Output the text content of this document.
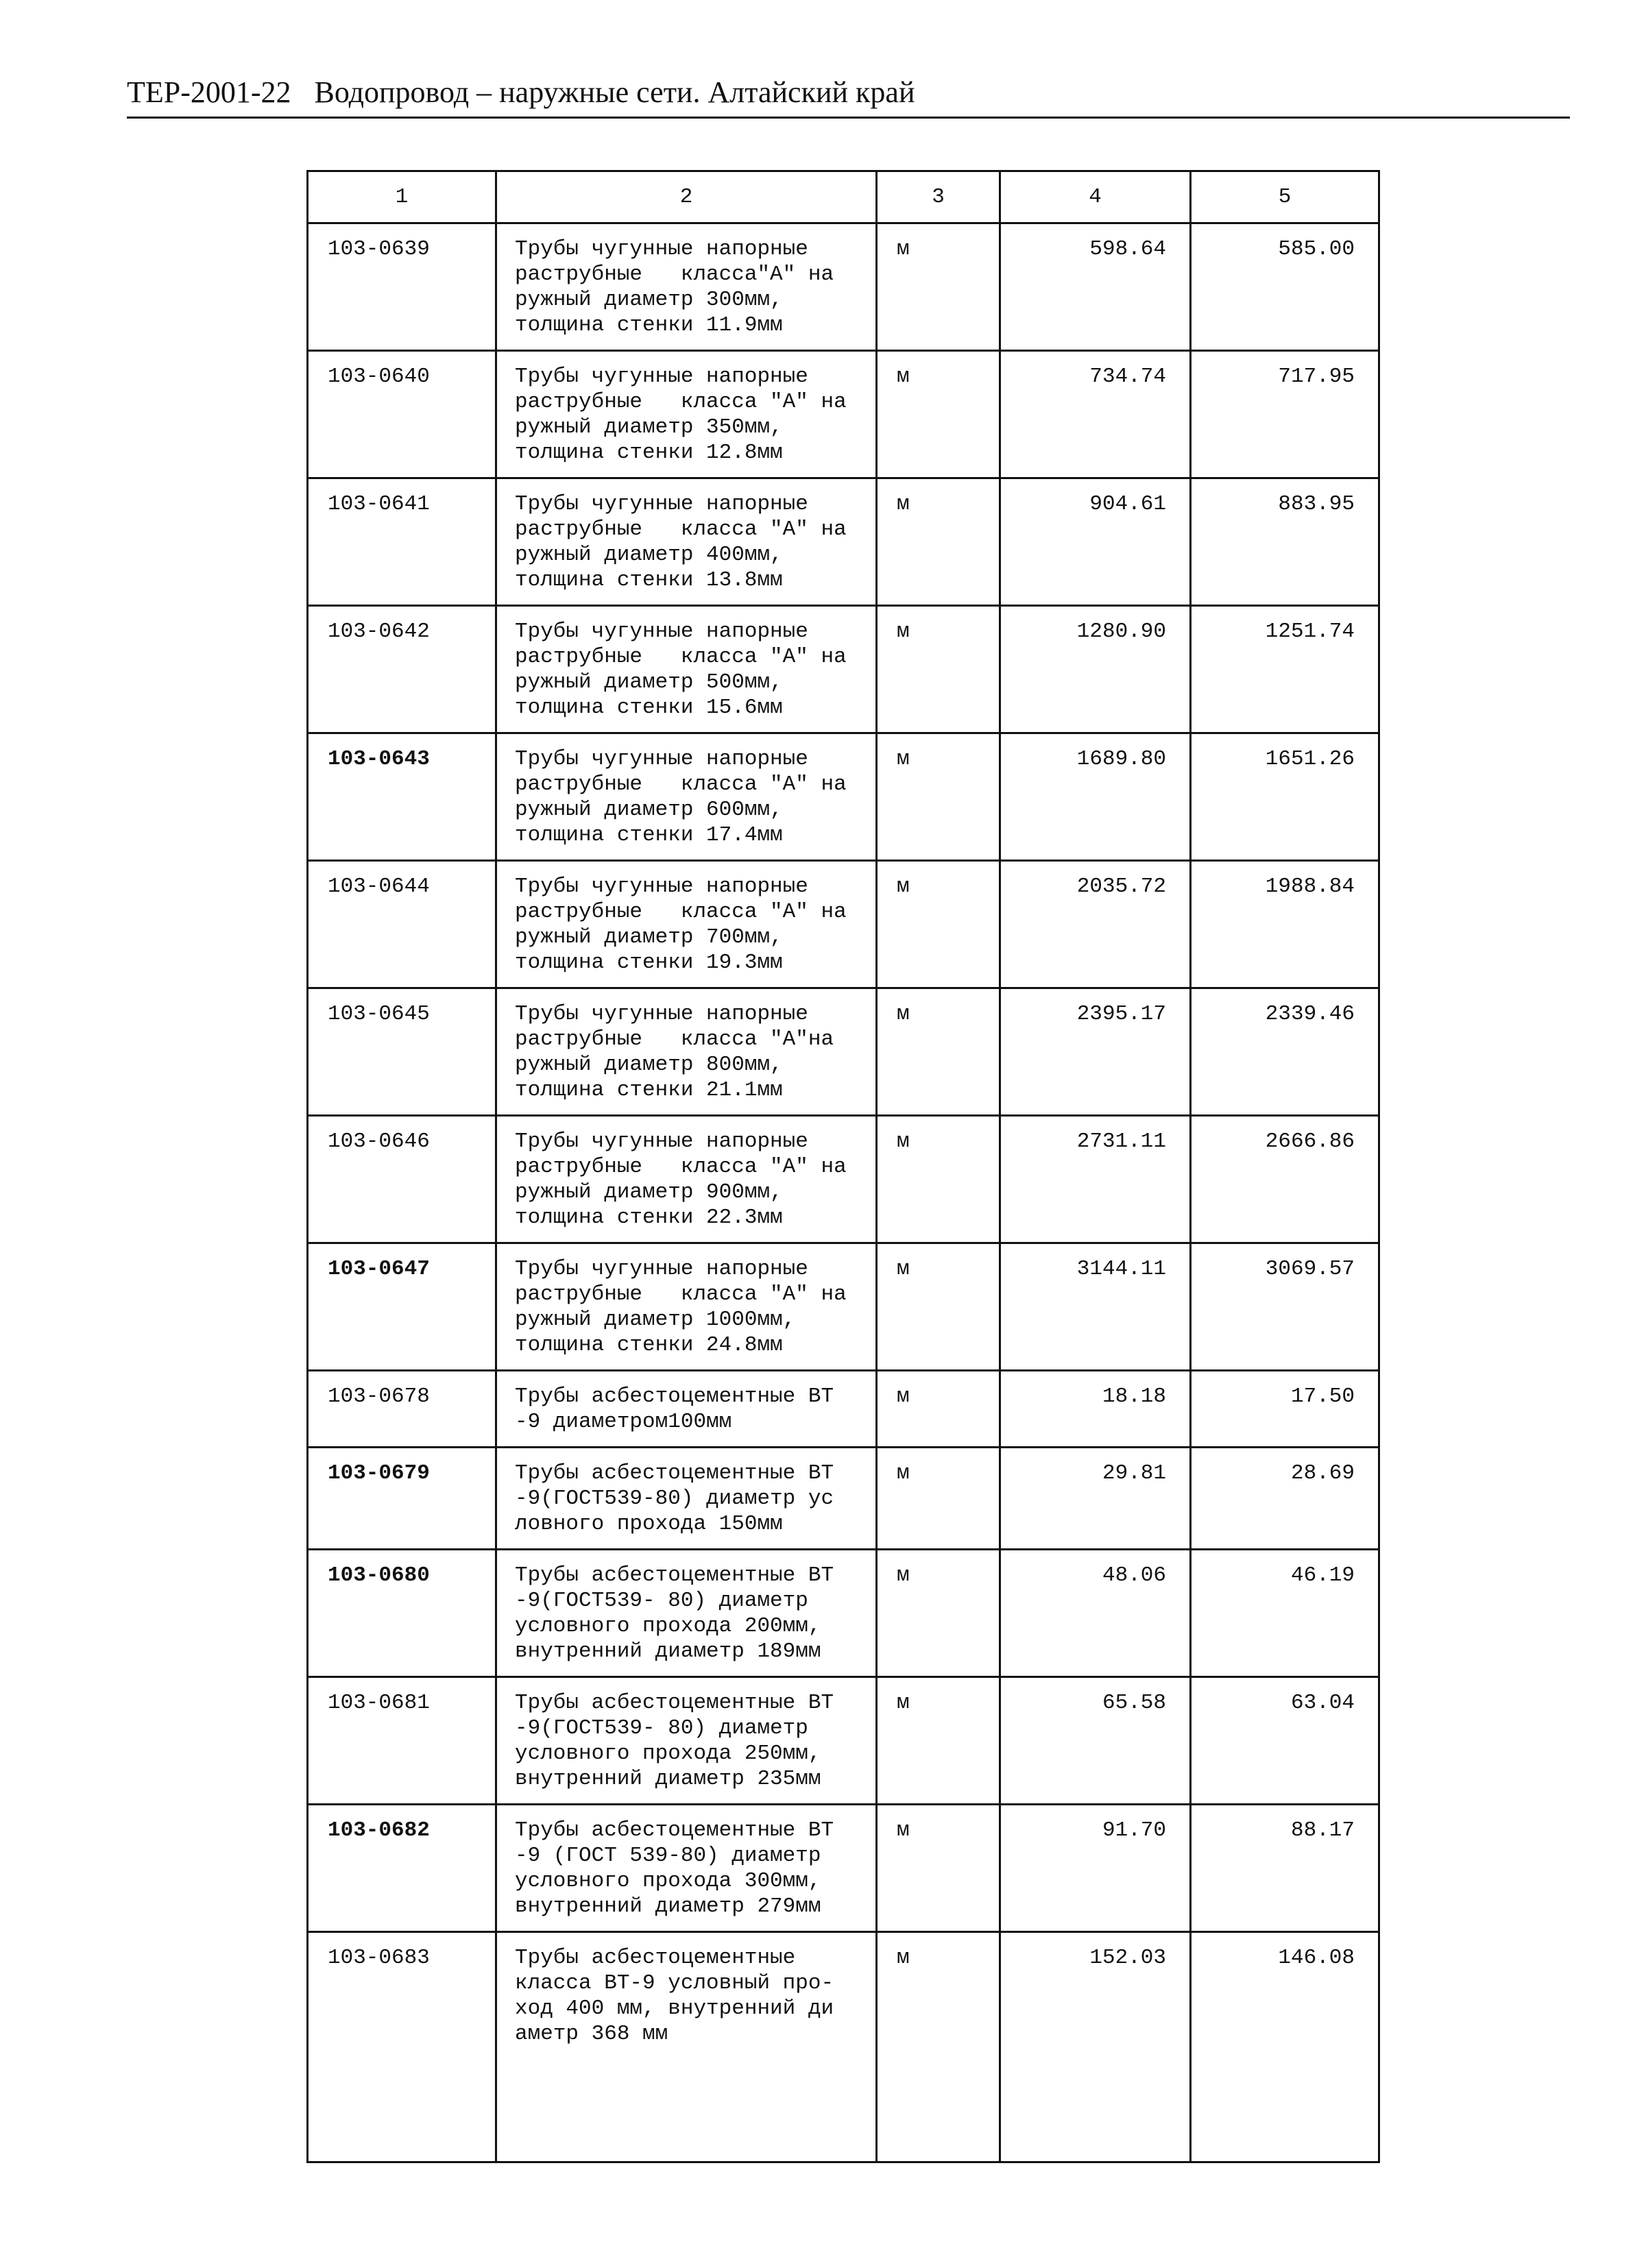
ТЕР-2001-22 Водопровод – наружные сети. Алтайский край
1	2	3	4	5
103-0639	Трубы чугунные напорные
раструбные   класса"А" на
ружный диаметр 300мм,
толщина стенки 11.9мм	м	598.64	585.00
103-0640	Трубы чугунные напорные
раструбные   класса "А" на
ружный диаметр 350мм,
толщина стенки 12.8мм	м	734.74	717.95
103-0641	Трубы чугунные напорные
раструбные   класса "А" на
ружный диаметр 400мм,
толщина стенки 13.8мм	м	904.61	883.95
103-0642	Трубы чугунные напорные
раструбные   класса "А" на
ружный диаметр 500мм,
толщина стенки 15.6мм	м	1280.90	1251.74
103-0643	Трубы чугунные напорные
раструбные   класса "А" на
ружный диаметр 600мм,
толщина стенки 17.4мм	м	1689.80	1651.26
103-0644	Трубы чугунные напорные
раструбные   класса "А" на
ружный диаметр 700мм,
толщина стенки 19.3мм	м	2035.72	1988.84
103-0645	Трубы чугунные напорные
раструбные   класса "А"на
ружный диаметр 800мм,
толщина стенки 21.1мм	м	2395.17	2339.46
103-0646	Трубы чугунные напорные
раструбные   класса "А" на
ружный диаметр 900мм,
толщина стенки 22.3мм	м	2731.11	2666.86
103-0647	Трубы чугунные напорные
раструбные   класса "А" на
ружный диаметр 1000мм,
толщина стенки 24.8мм	м	3144.11	3069.57
103-0678	Трубы асбестоцементные ВТ
-9 диаметром100мм	м	18.18	17.50
103-0679	Трубы асбестоцементные ВТ
-9(ГОСТ539-80) диаметр ус
ловного прохода 150мм	м	29.81	28.69
103-0680	Трубы асбестоцементные ВТ
-9(ГОСТ539- 80) диаметр
условного прохода 200мм,
внутренний диаметр 189мм	м	48.06	46.19
103-0681	Трубы асбестоцементные ВТ
-9(ГОСТ539- 80) диаметр
условного прохода 250мм,
внутренний диаметр 235мм	м	65.58	63.04
103-0682	Трубы асбестоцементные ВТ
-9 (ГОСТ 539-80) диаметр
условного прохода 300мм,
внутренний диаметр 279мм	м	91.70	88.17
103-0683	Трубы асбестоцементные
класса ВТ-9 условный про-
ход 400 мм, внутренний ди
аметр 368 мм	м	152.03	146.08
